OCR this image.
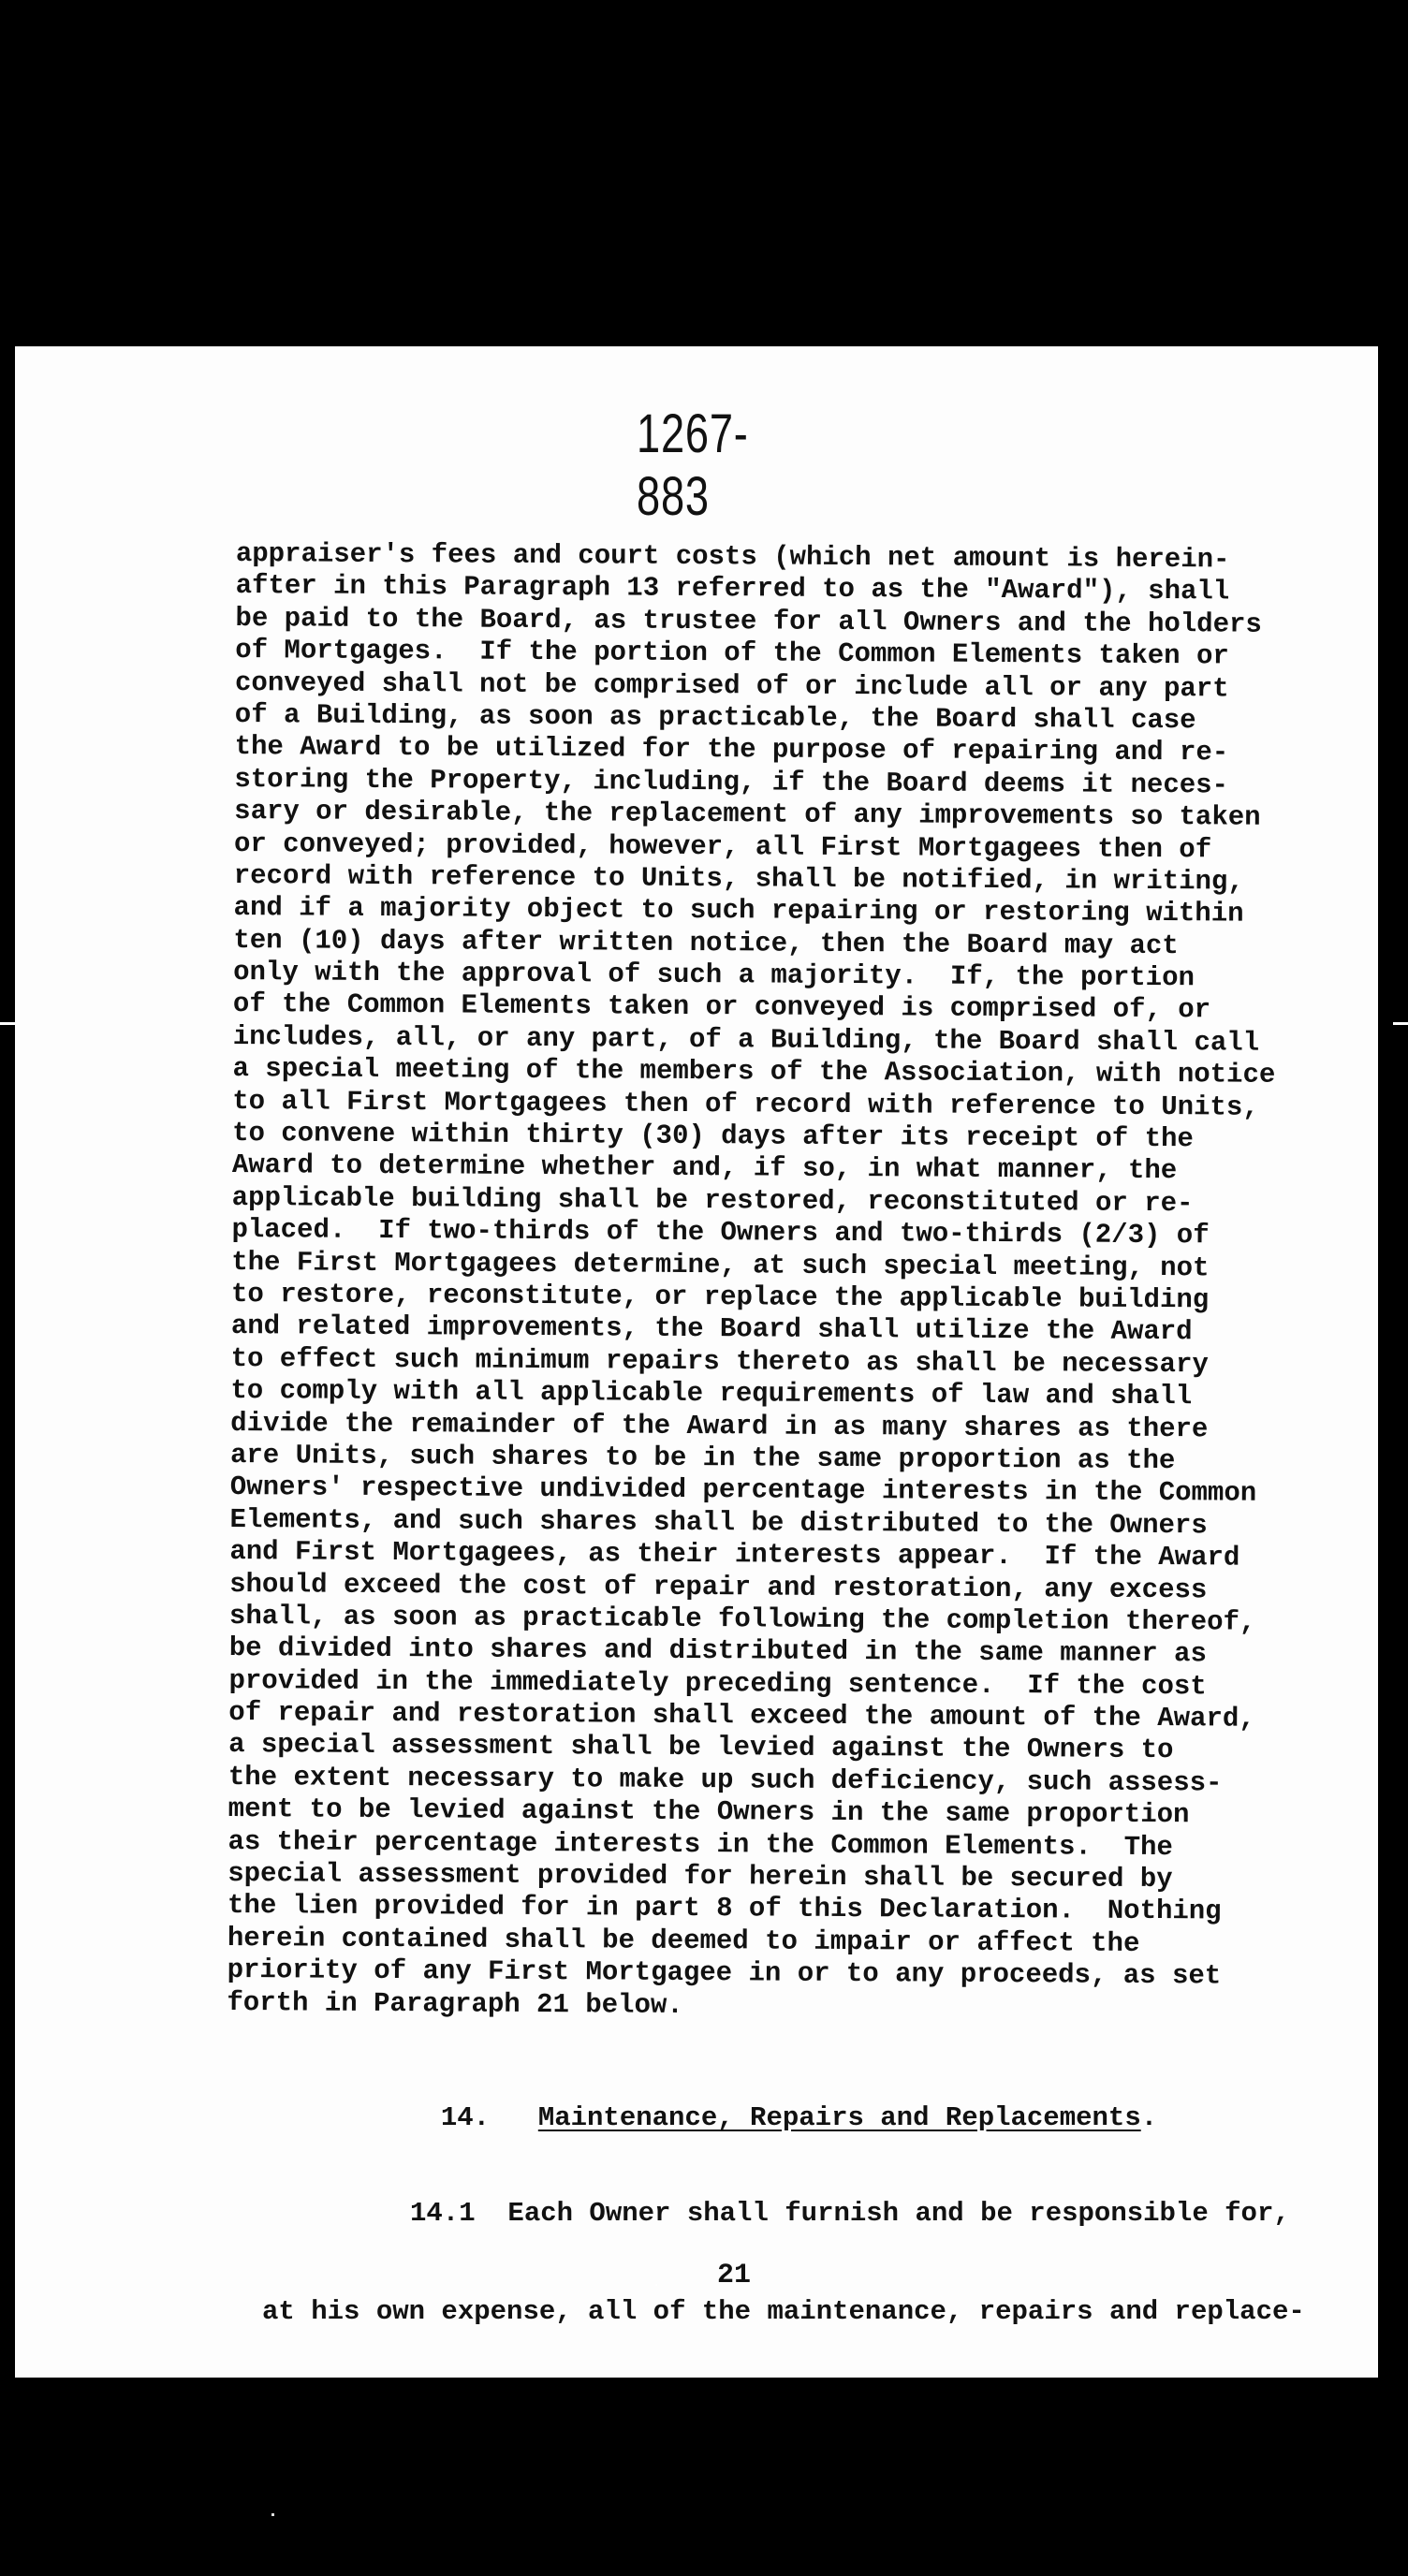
1267-883
appraiser's fees and court costs (which net amount is herein-
after in this Paragraph 13 referred to as the "Award"), shall
be paid to the Board, as trustee for all Owners and the holders
of Mortgages.  If the portion of the Common Elements taken or
conveyed shall not be comprised of or include all or any part
of a Building, as soon as practicable, the Board shall case
the Award to be utilized for the purpose of repairing and re-
storing the Property, including, if the Board deems it neces-
sary or desirable, the replacement of any improvements so taken
or conveyed; provided, however, all First Mortgagees then of
record with reference to Units, shall be notified, in writing,
and if a majority object to such repairing or restoring within
ten (10) days after written notice, then the Board may act
only with the approval of such a majority.  If, the portion
of the Common Elements taken or conveyed is comprised of, or
includes, all, or any part, of a Building, the Board shall call
a special meeting of the members of the Association, with notice
to all First Mortgagees then of record with reference to Units,
to convene within thirty (30) days after its receipt of the
Award to determine whether and, if so, in what manner, the
applicable building shall be restored, reconstituted or re-
placed.  If two-thirds of the Owners and two-thirds (2/3) of
the First Mortgagees determine, at such special meeting, not
to restore, reconstitute, or replace the applicable building
and related improvements, the Board shall utilize the Award
to effect such minimum repairs thereto as shall be necessary
to comply with all applicable requirements of law and shall
divide the remainder of the Award in as many shares as there
are Units, such shares to be in the same proportion as the
Owners' respective undivided percentage interests in the Common
Elements, and such shares shall be distributed to the Owners
and First Mortgagees, as their interests appear.  If the Award
should exceed the cost of repair and restoration, any excess
shall, as soon as practicable following the completion thereof,
be divided into shares and distributed in the same manner as
provided in the immediately preceding sentence.  If the cost
of repair and restoration shall exceed the amount of the Award,
a special assessment shall be levied against the Owners to
the extent necessary to make up such deficiency, such assess-
ment to be levied against the Owners in the same proportion
as their percentage interests in the Common Elements.  The
special assessment provided for herein shall be secured by
the lien provided for in part 8 of this Declaration.  Nothing
herein contained shall be deemed to impair or affect the
priority of any First Mortgagee in or to any proceeds, as set
forth in Paragraph 21 below.

14. Maintenance, Repairs and Replacements.

14.1  Each Owner shall furnish and be responsible for,

at his own expense, all of the maintenance, repairs and replace-

21
